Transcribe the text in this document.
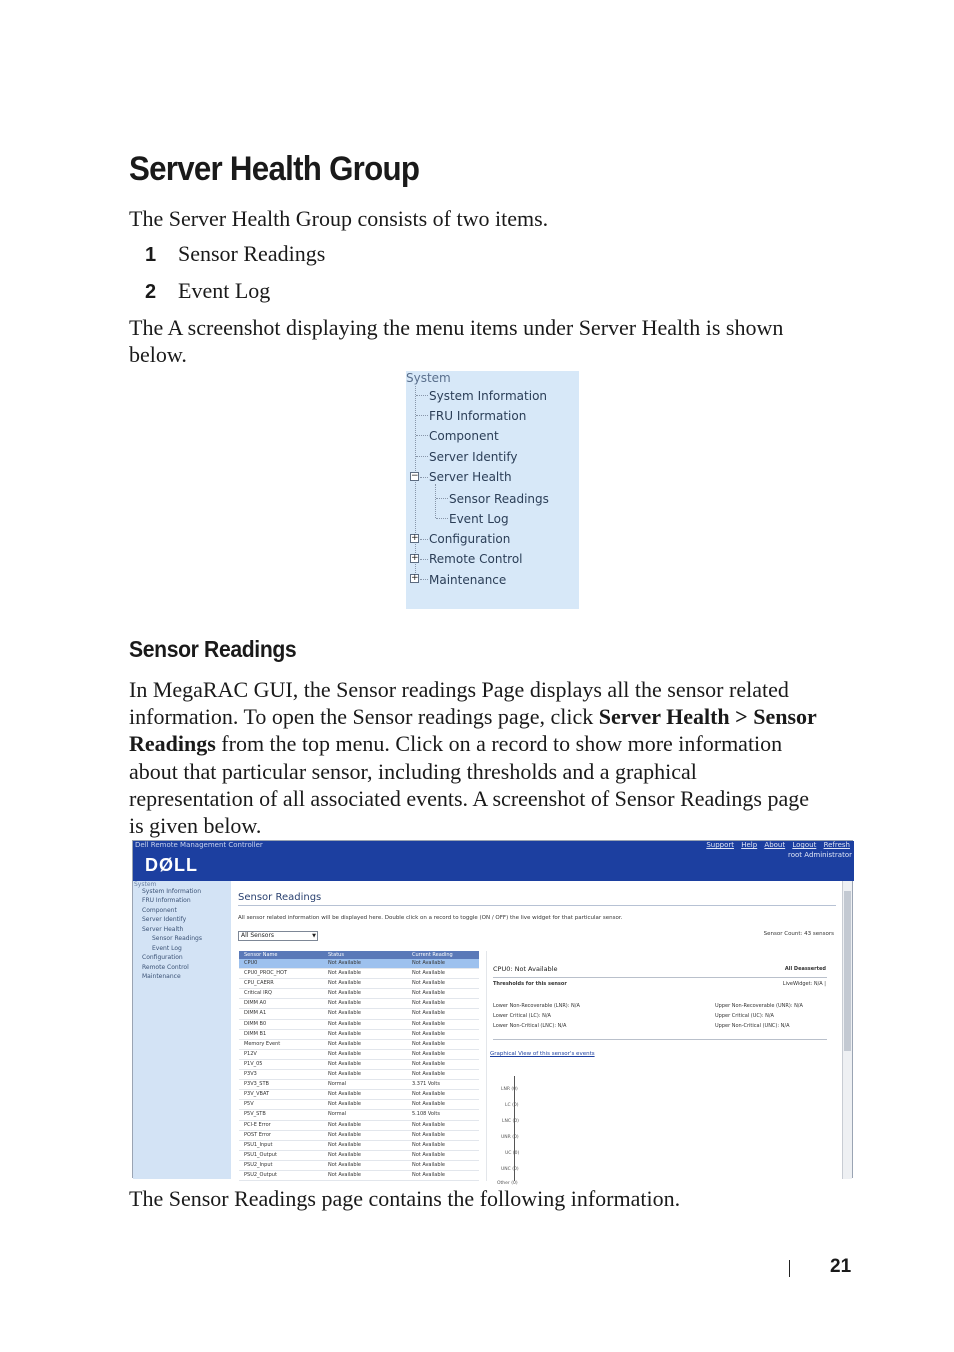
Server Health Group
The Server Health Group consists of two items.
1 Sensor Readings
2 Event Log
The A screenshot displaying the menu items under Server Health is shown
below.
System
System Information
FRU Information
Component
Server Identify
− Server Health
Sensor Readings
Event Log
+ Configuration
+ Remote Control
+ Maintenance
Sensor Readings
In MegaRAC GUI, the Sensor readings Page displays all the sensor related
information. To open the Sensor readings page, click Server Health > Sensor
Readings from the top menu. Click on a record to show more information
about that particular sensor, including thresholds and a graphical
representation of all associated events. A screenshot of Sensor Readings page
is given below.
Dell Remote Management Controller	Support Help About Logout Refresh
root Administrator
DØLL
System
System Information
FRU Information
Component
Server Identify
Server Health
Sensor Readings
Event Log
Configuration
Remote Control
Maintenance
Sensor Readings
All sensor related information will be displayed here. Double click on a record to toggle (ON / OFF) the live widget for that particular sensor.
All Sensors ▼	Sensor Count: 43 sensors
Sensor Name	Status	Current Reading
CPU0	Not Available	Not Available
CPU0_PROC_HOT	Not Available	Not Available
CPU_CAERR	Not Available	Not Available
Critical IRQ	Not Available	Not Available
DIMM A0	Not Available	Not Available
DIMM A1	Not Available	Not Available
DIMM B0	Not Available	Not Available
DIMM B1	Not Available	Not Available
Memory Event	Not Available	Not Available
P12V	Not Available	Not Available
P1V_05	Not Available	Not Available
P3V3	Not Available	Not Available
P3V3_STB	Normal	3.371 Volts
P3V_VBAT	Not Available	Not Available
P5V	Not Available	Not Available
P5V_STB	Normal	5.108 Volts
PCI-E Error	Not Available	Not Available
POST Error	Not Available	Not Available
PSU1_Input	Not Available	Not Available
PSU1_Output	Not Available	Not Available
PSU2_Input	Not Available	Not Available
PSU2_Output	Not Available	Not Available
CPU0: Not Available	All Deasserted
Thresholds for this sensor	LiveWidget: N/A |
Lower Non-Recoverable (LNR): N/A
Lower Critical (LC): N/A
Lower Non-Critical (LNC): N/A
Upper Non-Recoverable (UNR): N/A
Upper Critical (UC): N/A
Upper Non-Critical (UNC): N/A
Graphical View of this sensor's events
LNR (0)
LC (0)
LNC (0)
UNR (0)
UC (0)
UNC (0)
Other (0)
The Sensor Readings page contains the following information.
21
